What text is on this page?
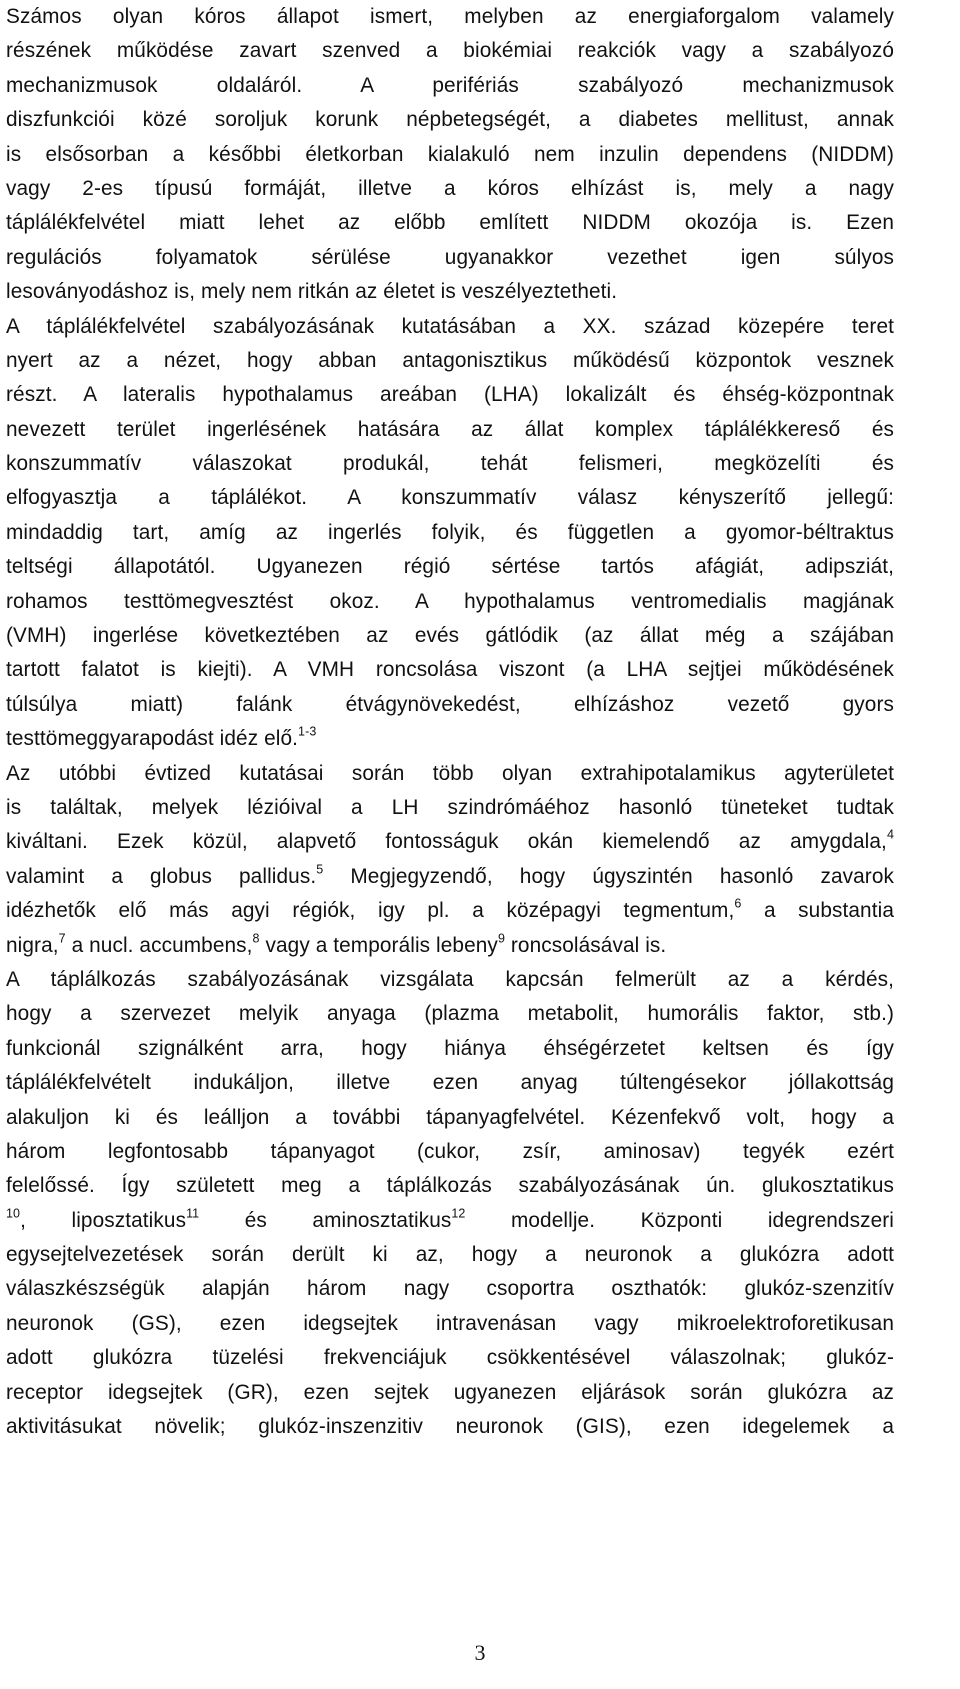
Számos olyan kóros állapot ismert, melyben az energiaforgalom valamely
részének működése zavart szenved a biokémiai reakciók vagy a szabályozó
mechanizmusok oldaláról. A perifériás szabályozó mechanizmusok
diszfunkciói közé soroljuk korunk népbetegségét, a diabetes mellitust, annak
is elsősorban a későbbi életkorban kialakuló nem inzulin dependens (NIDDM)
vagy 2-es típusú formáját, illetve a kóros elhízást is, mely a nagy
táplálékfelvétel miatt lehet az előbb említett NIDDM okozója is. Ezen
regulációs folyamatok sérülése ugyanakkor vezethet igen súlyos
lesoványodáshoz is, mely nem ritkán az életet is veszélyeztetheti.
A táplálékfelvétel szabályozásának kutatásában a XX. század közepére teret
nyert az a nézet, hogy abban antagonisztikus működésű központok vesznek
részt. A lateralis hypothalamus areában (LHA) lokalizált és éhség-központnak
nevezett terület ingerlésének hatására az állat komplex táplálékkereső és
konszummatív válaszokat produkál, tehát felismeri, megközelíti és
elfogyasztja a táplálékot. A konszummatív válasz kényszerítő jellegű:
mindaddig tart, amíg az ingerlés folyik, és független a gyomor-béltraktus
teltségi állapotától. Ugyanezen régió sértése tartós afágiát, adipsziát,
rohamos testtömegvesztést okoz. A hypothalamus ventromedialis magjának
(VMH) ingerlése következtében az evés gátlódik (az állat még a szájában
tartott falatot is kiejti). A VMH roncsolása viszont (a LHA sejtjei működésének
túlsúlya miatt) falánk étvágynövekedést, elhízáshoz vezető gyors
testtömeggyarapodást idéz elő.$^{1-3}$
Az utóbbi évtized kutatásai során több olyan extrahipotalamikus agyterületet
is találtak, melyek lézióival a LH szindrómáéhoz hasonló tüneteket tudtak
kiváltani. Ezek közül, alapvető fontosságuk okán kiemelendő az amygdala,$^4$
valamint a globus pallidus.$^5$ Megjegyzendő, hogy úgyszintén hasonló zavarok
idézhetők elő más agyi régiók, igy pl. a középagyi tegmentum,$^6$ a substantia
nigra,$^7$ a nucl. accumbens,$^8$ vagy a temporális lebeny$^9$ roncsolásával is.
A táplálkozás szabályozásának vizsgálata kapcsán felmerült az a kérdés,
hogy a szervezet melyik anyaga (plazma metabolit, humorális faktor, stb.)
funkcionál szignálként arra, hogy hiánya éhségérzetet keltsen és így
táplálékfelvételt indukáljon, illetve ezen anyag túltengésekor jóllakottság
alakuljon ki és leálljon a további tápanyagfelvétel. Kézenfekvő volt, hogy a
három legfontosabb tápanyagot (cukor, zsír, aminosav) tegyék ezért
felelőssé. Így született meg a táplálkozás szabályozásának ún. glukosztatikus
$^{10}$, liposztatikus$^{11}$ és aminosztatikus$^{12}$ modellje. Központi idegrendszeri
egysejtelvezetések során derült ki az, hogy a neuronok a glukózra adott
válaszkészségük alapján három nagy csoportra oszthatók: glukóz-szenzitív
neuronok (GS), ezen idegsejtek intravenásan vagy mikroelektroforetikusan
adott glukózra tüzelési frekvenciájuk csökkentésével válaszolnak; glukóz-
receptor idegsejtek (GR), ezen sejtek ugyanezen eljárások során glukózra az
aktivitásukat növelik; glukóz-inszenzitiv neuronok (GIS), ezen idegelemek a
3
